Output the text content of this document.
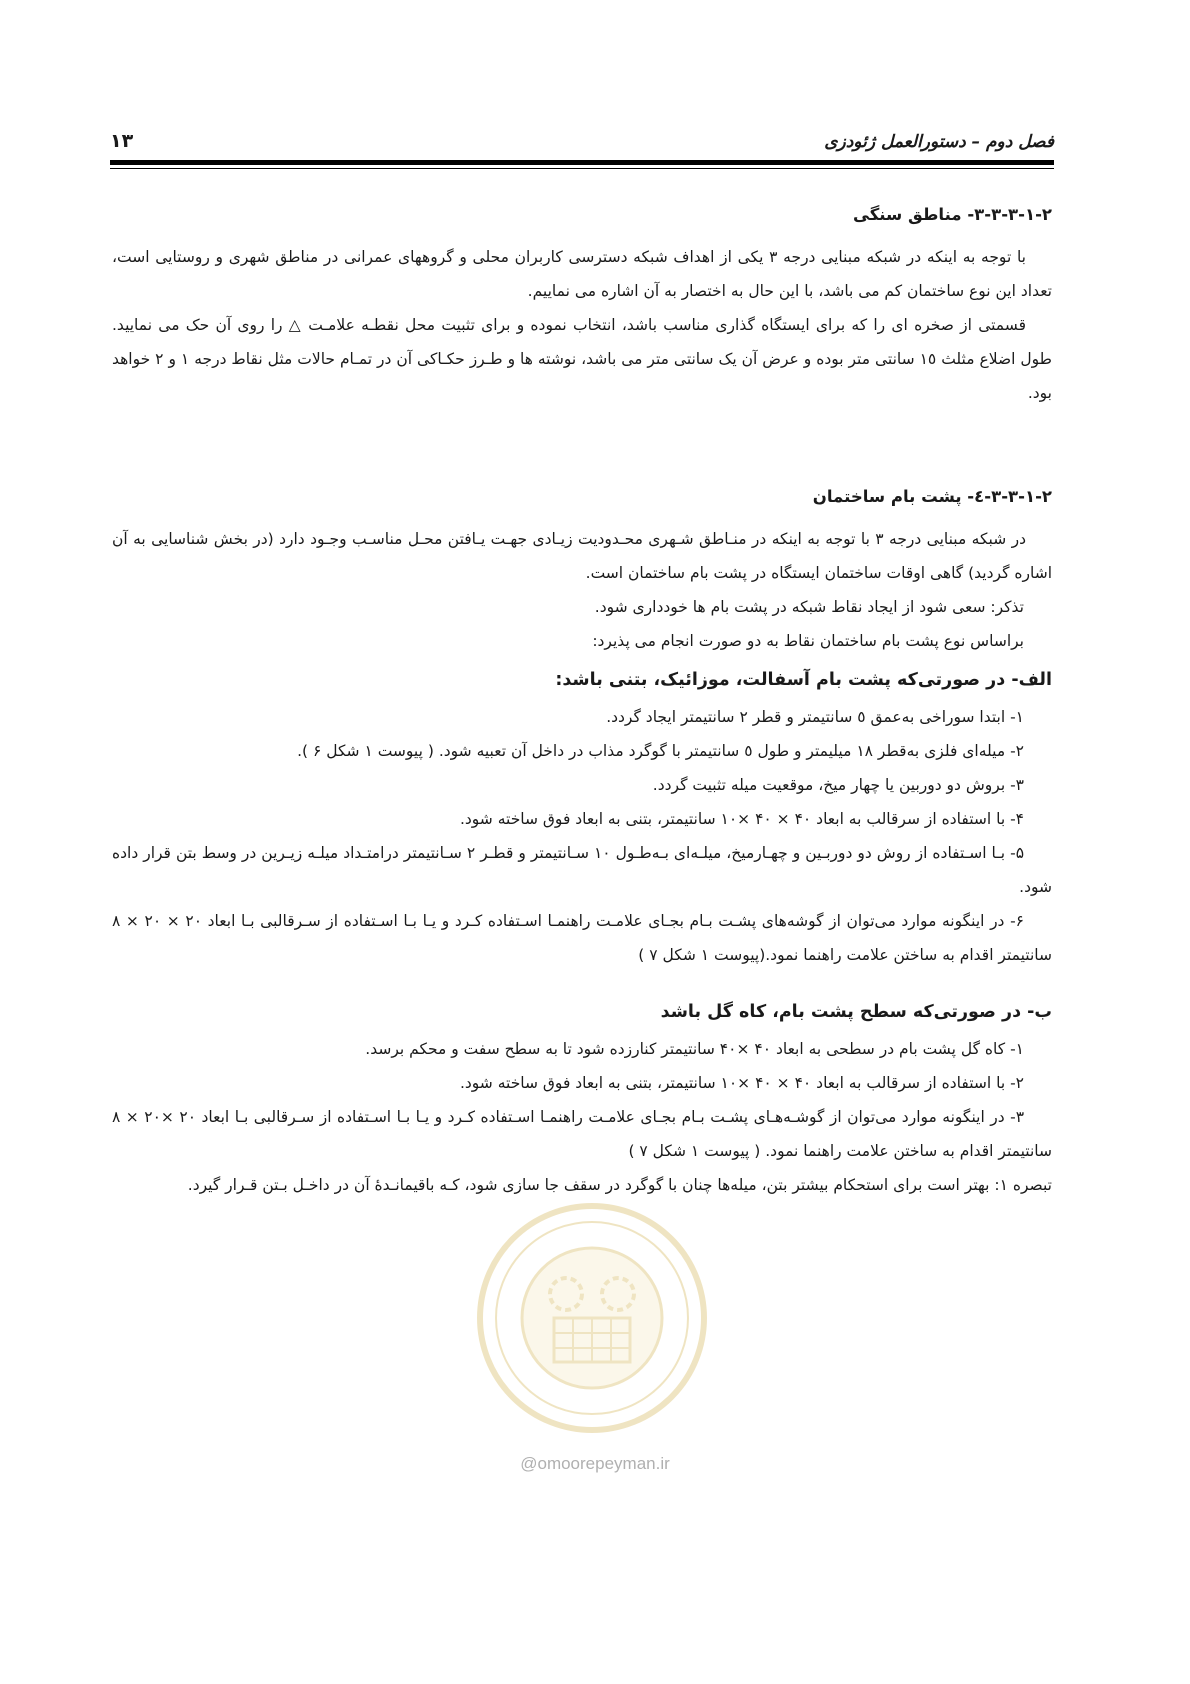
فصل دوم – دستورالعمل ژئودزی
١٣
٢-١-٣-٣-٣- مناطق سنگی

با توجه به اینکه در شبکه مبنایی درجه ٣ یکی از اهداف شبکه دسترسی کاربران محلی و گروههای عمرانی در مناطق شهری و روستایی است، تعداد این نوع ساختمان کم می باشد، با این حال به اختصار به آن اشاره می نماییم.

قسمتی از صخره ای را که برای ایستگاه گذاری مناسب باشد، انتخاب نموده و برای تثبیت محل نقطـه علامـت △ را روی آن حک می نمایید. طول اضلاع مثلث ١٥ سانتی متر بوده و عرض آن یک سانتی متر می باشد، نوشته ها و طـرز حکـاکی آن در تمـام حالات مثل نقاط درجه ١ و ٢ خواهد بود.

٢-١-٣-٣-٤- پشت بام ساختمان

در شبکه مبنایی درجه ٣ با توجه به اینکه در منـاطق شـهری محـدودیت زیـادی جهـت یـافتن محـل مناسـب وجـود دارد (در بخش شناسایی به آن اشاره گردید) گاهی اوقات ساختمان ایستگاه در پشت بام ساختمان است.

تذکر: سعی شود از ایجاد نقاط شبکه در پشت بام ها خودداری شود.

براساس نوع پشت بام ساختمان نقاط به دو صورت انجام می پذیرد:

الف- در صورتی‌که پشت بام آسفالت، موزائیک، بتنی باشد:

١- ابتدا سوراخی به‌عمق ٥ سانتیمتر و قطر ٢ سانتیمتر ایجاد گردد.

٢- میله‌ای فلزی به‌قطر ١٨ میلیمتر و طول ٥ سانتیمتر با گوگرد مذاب در داخل آن تعبیه شود. ( پیوست ١ شکل ۶ ).

٣- بروش دو دوربین یا چهار میخ، موقعیت میله تثبیت گردد.

۴- با استفاده از سرقالب به ابعاد ۴٠ × ۴٠ ×١٠ سانتیمتر، بتنی به ابعاد فوق ساخته شود.

۵- بـا اسـتفاده از روش دو دوربـین و چهـارمیخ، میلـه‌ای بـه‌طـول ١٠ سـانتیمتر و قطـر ٢ سـانتیمتر درامتـداد میلـه زیـرین در وسط بتن قرار داده شود.

۶- در اینگونه موارد می‌توان از گوشه‌های پشـت بـام بجـای علامـت راهنمـا اسـتفاده کـرد و یـا بـا اسـتفاده از سـرقالبی بـا ابعاد ٢٠ × ٢٠ × ٨ سانتیمتر اقدام به ساختن علامت راهنما نمود.(پیوست ١ شکل ٧ )

ب- در صورتی‌که سطح پشت بام، کاه گل باشد

١- کاه گل پشت بام در سطحی به ابعاد ۴٠ ×۴٠ سانتیمتر کنارزده شود تا به سطح سفت و محکم برسد.

٢- با استفاده از سرقالب به ابعاد ۴٠ × ۴٠ ×١٠ سانتیمتر، بتنی به ابعاد فوق ساخته شود.

٣- در اینگونه موارد می‌توان از گوشـه‌هـای پشـت بـام بجـای علامـت راهنمـا اسـتفاده کـرد و یـا بـا اسـتفاده از سـرقالبی بـا ابعاد ٢٠ ×٢٠ × ٨ سانتیمتر اقدام به ساختن علامت راهنما نمود. ( پیوست ١ شکل ٧ )

تبصره ١: بهتر است برای استحکام بیشتر بتن، میله‌ها چنان با گوگرد در سقف جا سازی شود، کـه باقیمانـدۀ آن در داخـل بـتن قـرار گیرد.

@omoorepeyman.ir
